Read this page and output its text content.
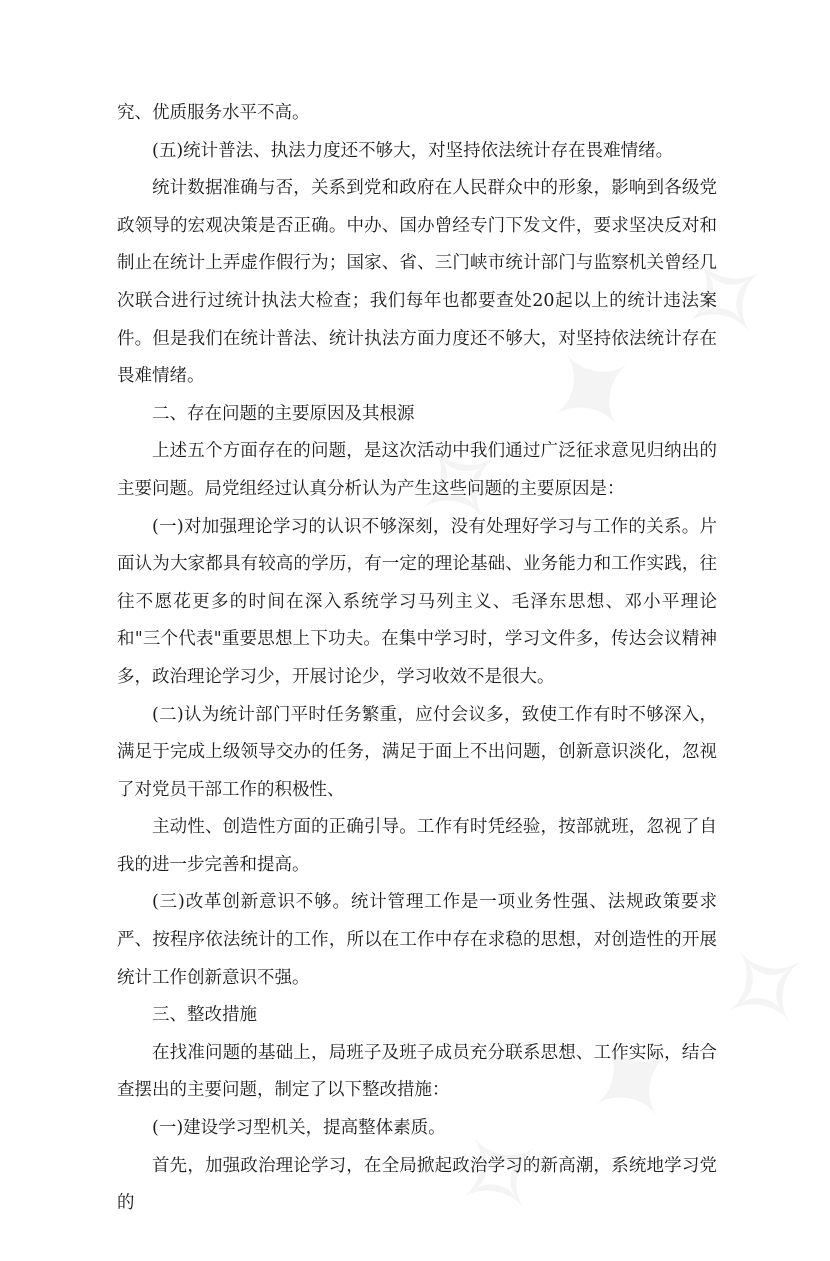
究、优质服务水平不高。

(五)统计普法、执法力度还不够大，对坚持依法统计存在畏难情绪。

统计数据准确与否，关系到党和政府在人民群众中的形象，影响到各级党政领导的宏观决策是否正确。中办、国办曾经专门下发文件，要求坚决反对和制止在统计上弄虚作假行为；国家、省、三门峡市统计部门与监察机关曾经几次联合进行过统计执法大检查；我们每年也都要查处20起以上的统计违法案件。但是我们在统计普法、统计执法方面力度还不够大，对坚持依法统计存在畏难情绪。

二、存在问题的主要原因及其根源

上述五个方面存在的问题，是这次活动中我们通过广泛征求意见归纳出的主要问题。局党组经过认真分析认为产生这些问题的主要原因是：

(一)对加强理论学习的认识不够深刻，没有处理好学习与工作的关系。片面认为大家都具有较高的学历，有一定的理论基础、业务能力和工作实践，往往不愿花更多的时间在深入系统学习马列主义、毛泽东思想、邓小平理论和"三个代表"重要思想上下功夫。在集中学习时，学习文件多，传达会议精神多，政治理论学习少，开展讨论少，学习收效不是很大。

(二)认为统计部门平时任务繁重，应付会议多，致使工作有时不够深入，满足于完成上级领导交办的任务，满足于面上不出问题，创新意识淡化，忽视了对党员干部工作的积极性、

主动性、创造性方面的正确引导。工作有时凭经验，按部就班，忽视了自我的进一步完善和提高。

(三)改革创新意识不够。统计管理工作是一项业务性强、法规政策要求严、按程序依法统计的工作，所以在工作中存在求稳的思想，对创造性的开展统计工作创新意识不强。

三、整改措施

在找准问题的基础上，局班子及班子成员充分联系思想、工作实际，结合查摆出的主要问题，制定了以下整改措施：

(一)建设学习型机关，提高整体素质。

首先，加强政治理论学习，在全局掀起政治学习的新高潮，系统地学习党的
